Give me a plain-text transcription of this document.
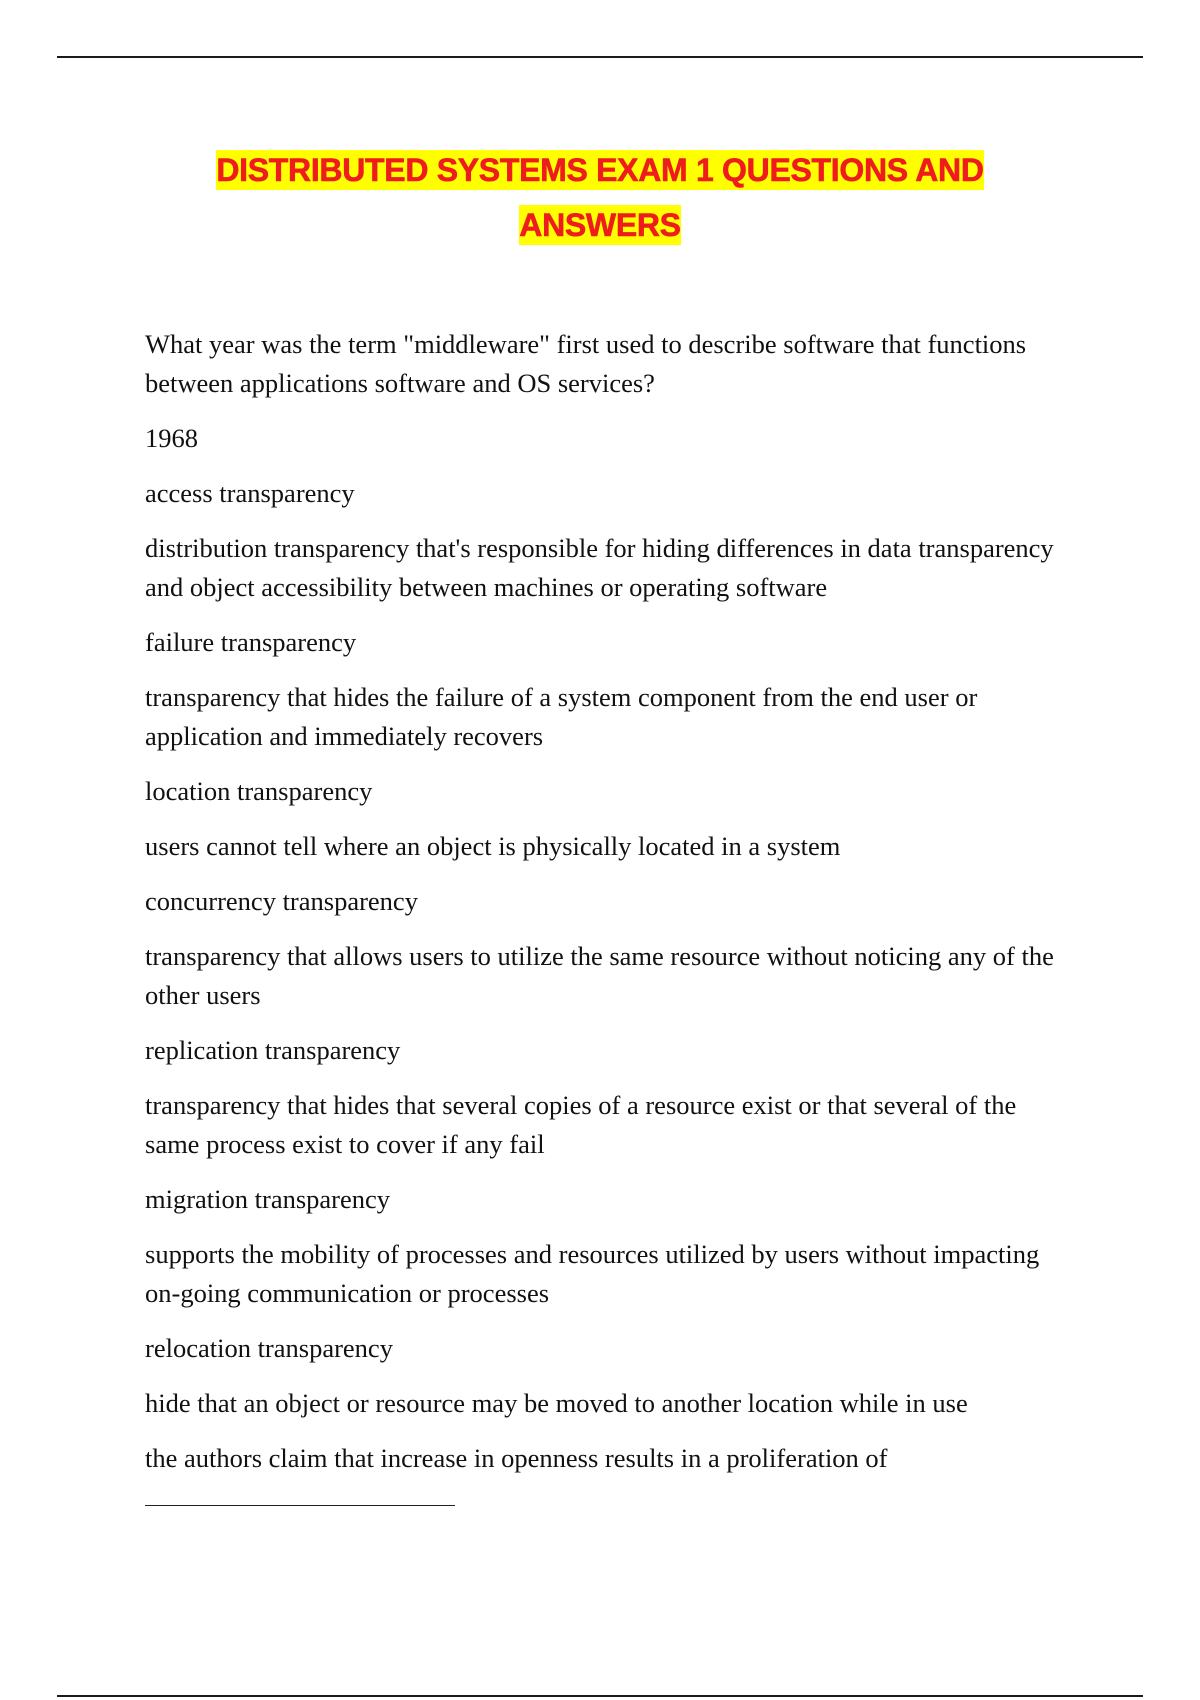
DISTRIBUTED SYSTEMS EXAM 1 QUESTIONS AND
ANSWERS

What year was the term "middleware" first used to describe software that functions between applications software and OS services?

1968

access transparency

distribution transparency that's responsible for hiding differences in data transparency and object accessibility between machines or operating software

failure transparency

transparency that hides the failure of a system component from the end user or application and immediately recovers

location transparency

users cannot tell where an object is physically located in a system

concurrency transparency

transparency that allows users to utilize the same resource without noticing any of the other users

replication transparency

transparency that hides that several copies of a resource exist or that several of the same process exist to cover if any fail

migration transparency

supports the mobility of processes and resources utilized by users without impacting on-going communication or processes

relocation transparency

hide that an object or resource may be moved to another location while in use

the authors claim that increase in openness results in a proliferation of
